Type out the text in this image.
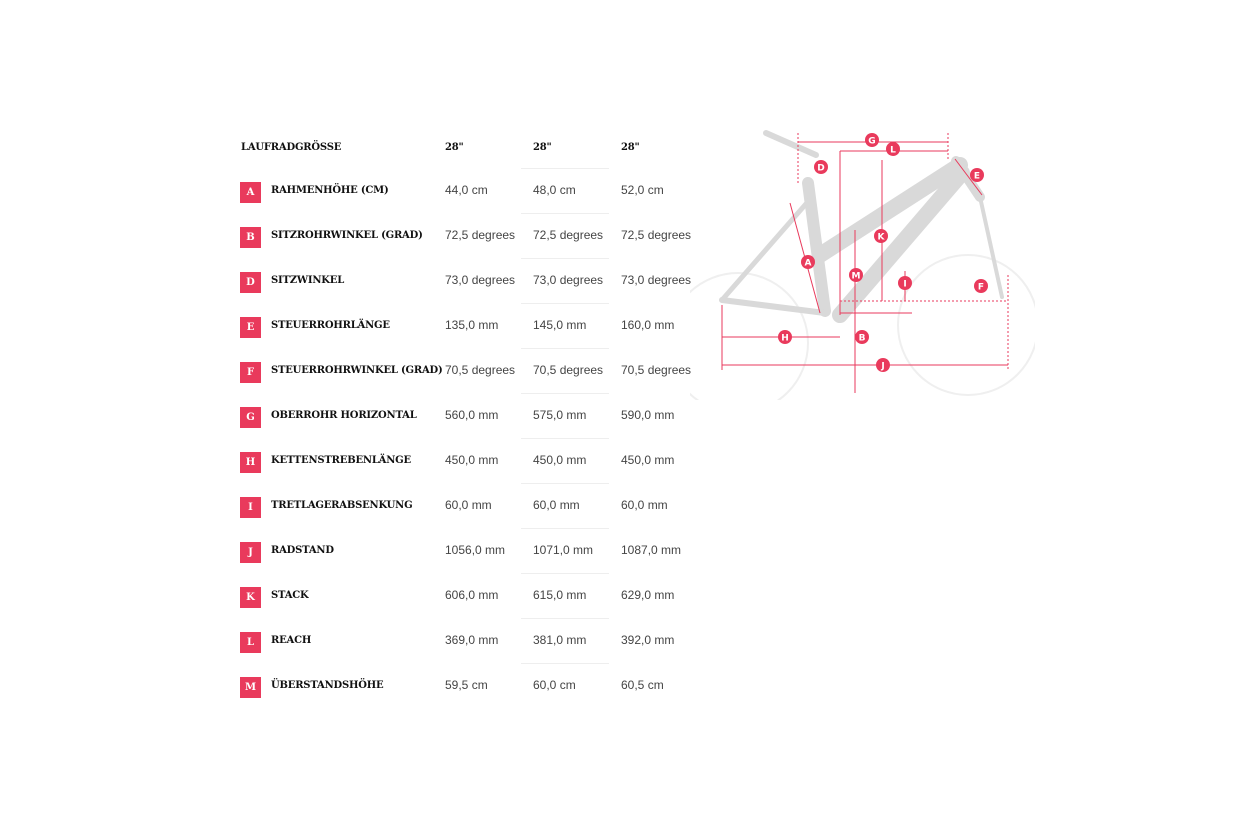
LAUFRADGRÖSSE	28"	28"	28"
A	RAHMENHÖHE (CM)	44,0 cm	48,0 cm	52,0 cm
B	SITZROHRWINKEL (GRAD) 72,5 degrees 72,5 degrees 72,5 degrees
D	SITZWINKEL	73,0 degrees 73,0 degrees 73,0 degrees
E	STEUERROHRLÄNGE	135,0 mm	145,0 mm	160,0 mm
F	STEUERROHRWINKEL (GRAD) 70,5 degrees 70,5 degrees 70,5 degrees
G	OBERROHR HORIZONTAL 560,0 mm	575,0 mm	590,0 mm
H	KETTENSTREBENLÄNGE	450,0 mm	450,0 mm	450,0 mm
I	TRETLAGERABSENKUNG	60,0 mm	60,0 mm	60,0 mm
J	RADSTAND	1056,0 mm 1071,0 mm 1087,0 mm
K	STACK	606,0 mm	615,0 mm	629,0 mm
L	REACH	369,0 mm	381,0 mm	392,0 mm
M	ÜBERSTANDSHÖHE	59,5 cm	60,0 cm	60,5 cm
G
L
D
E
K
A
M
I	F
H	B
J
